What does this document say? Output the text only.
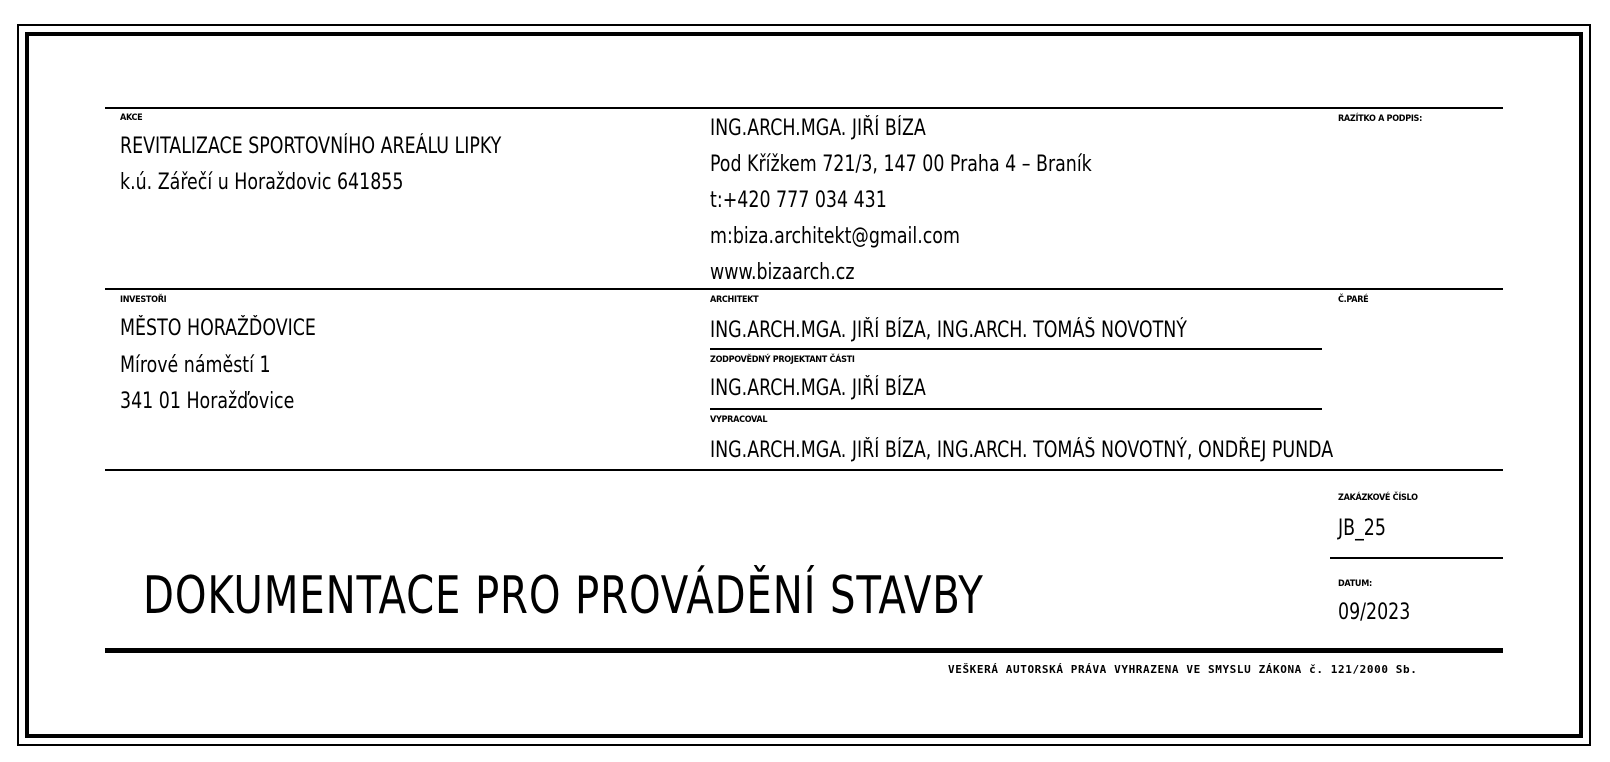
AKCE
REVITALIZACE SPORTOVNÍHO AREÁLU LIPKY
k.ú. Zářečí u Horaždovic 641855
ING.ARCH.MGA. JIŘÍ BÍZA
Pod Křížkem 721/3, 147 00 Praha 4 – Braník
t:+420 777 034 431
m:biza.architekt@gmail.com
www.bizaarch.cz
RAZÍTKO A PODPIS:
INVESTOŘI
MĚSTO HORAŽĎOVICE
Mírové náměstí 1
341 01 Horažďovice
ARCHITEKT
ING.ARCH.MGA. JIŘÍ BÍZA, ING.ARCH. TOMÁŠ NOVOTNÝ
ZODPOVĚDNÝ PROJEKTANT ČÁSTI
ING.ARCH.MGA. JIŘÍ BÍZA
VYPRACOVAL
ING.ARCH.MGA. JIŘÍ BÍZA, ING.ARCH. TOMÁŠ NOVOTNÝ, ONDŘEJ PUNDA
Č.PARÉ
ZAKÁZKOVÉ ČÍSLO
JB_25
DATUM:
09/2023
DOKUMENTACE PRO PROVÁDĚNÍ STAVBY
VEŠKERÁ AUTORSKÁ PRÁVA VYHRAZENA VE SMYSLU ZÁKONA č. 121/2000 Sb.
